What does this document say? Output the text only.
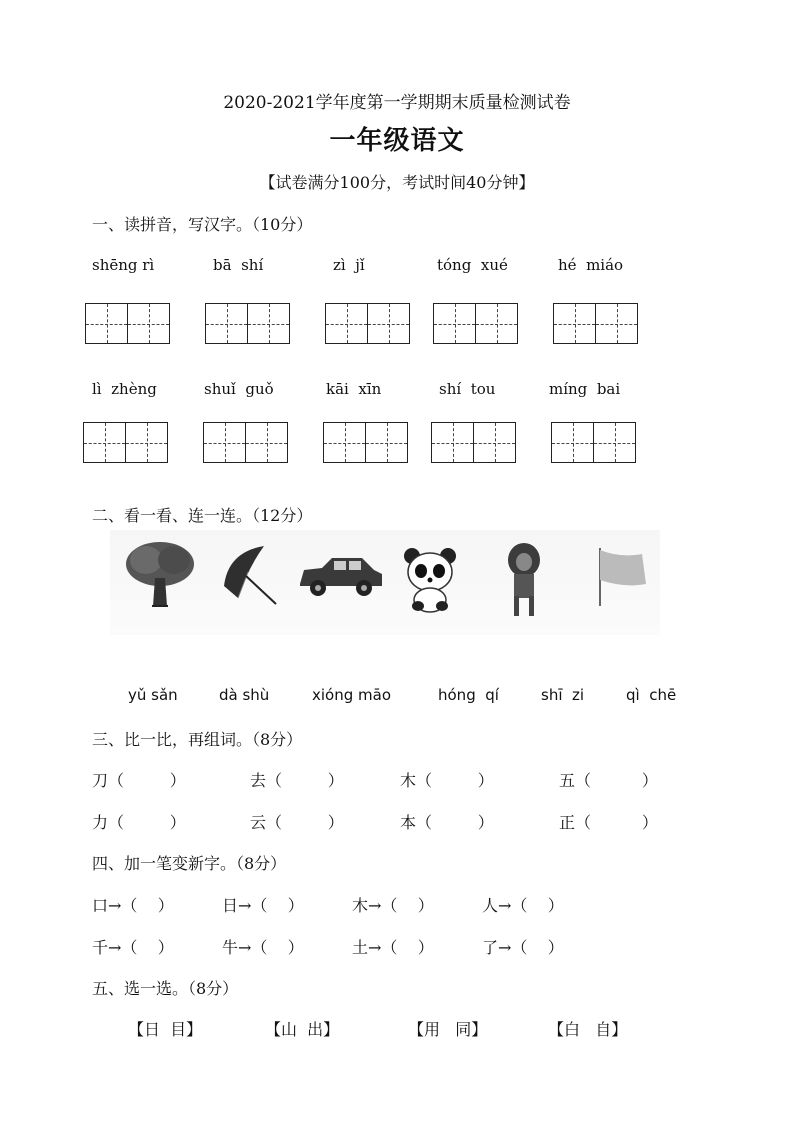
2020-2021学年度第一学期期末质量检测试卷
一年级语文
【试卷满分100分，考试时间40分钟】
一、读拼音，写汉字。（10分）
shēng rì	bā  shí	zì  jǐ	tóng  xué	hé  miáo
lì  zhèng	shuǐ  guǒ	kāi  xīn	shí  tou	míng  bai
二、看一看、连一连。（12分）
yǔ sǎn	dà shù	xióng māo	hóng  qí	shī  zi	qì  chē
三、比一比，再组词。（8分）
刀（         ）	去（         ）	木（         ）	五（          ）
力（         ）	云（         ）	本（         ）	正（          ）
四、加一笔变新字。（8分）
口→（    ）	日→（    ）	木→（    ）	人→（    ）
千→（    ）	牛→（    ）	土→（    ）	了→（    ）
五、选一选。（8分）
【日  目】	【山  出】	【用   同】	【白   自】
